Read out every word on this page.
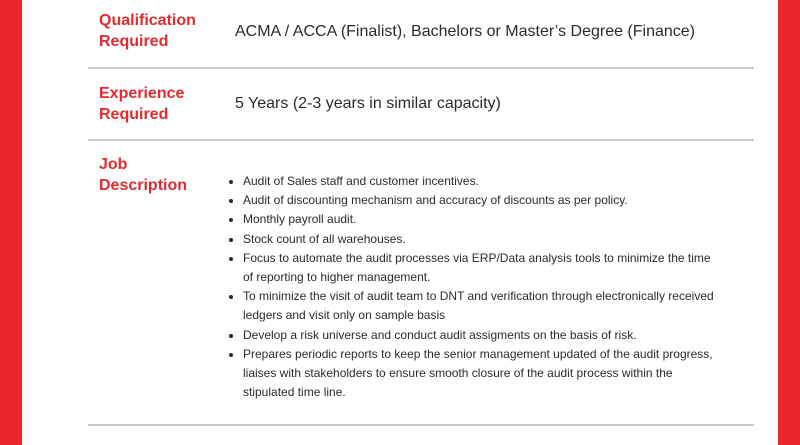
Qualification
Required

ACMA / ACCA (Finalist), Bachelors or Master’s Degree (Finance)

Experience
Required

5 Years (2-3 years in similar capacity)

Job
Description
•	Audit of Sales staff and customer incentives.
• Audit of discounting mechanism and accuracy of discounts as per policy.
• Monthly payroll audit.
• Stock count of all warehouses.
• Focus to automate the audit processes via ERP/Data analysis tools to minimize the time of reporting to higher management.
• To minimize the visit of audit team to DNT and verification through electronically received ledgers and visit only on sample basis
• Develop a risk universe and conduct audit assigments on the basis of risk.
• Prepares periodic reports to keep the senior management updated of the audit progress, liaises with stakeholders to ensure smooth closure of the audit process within the stipulated time line.
